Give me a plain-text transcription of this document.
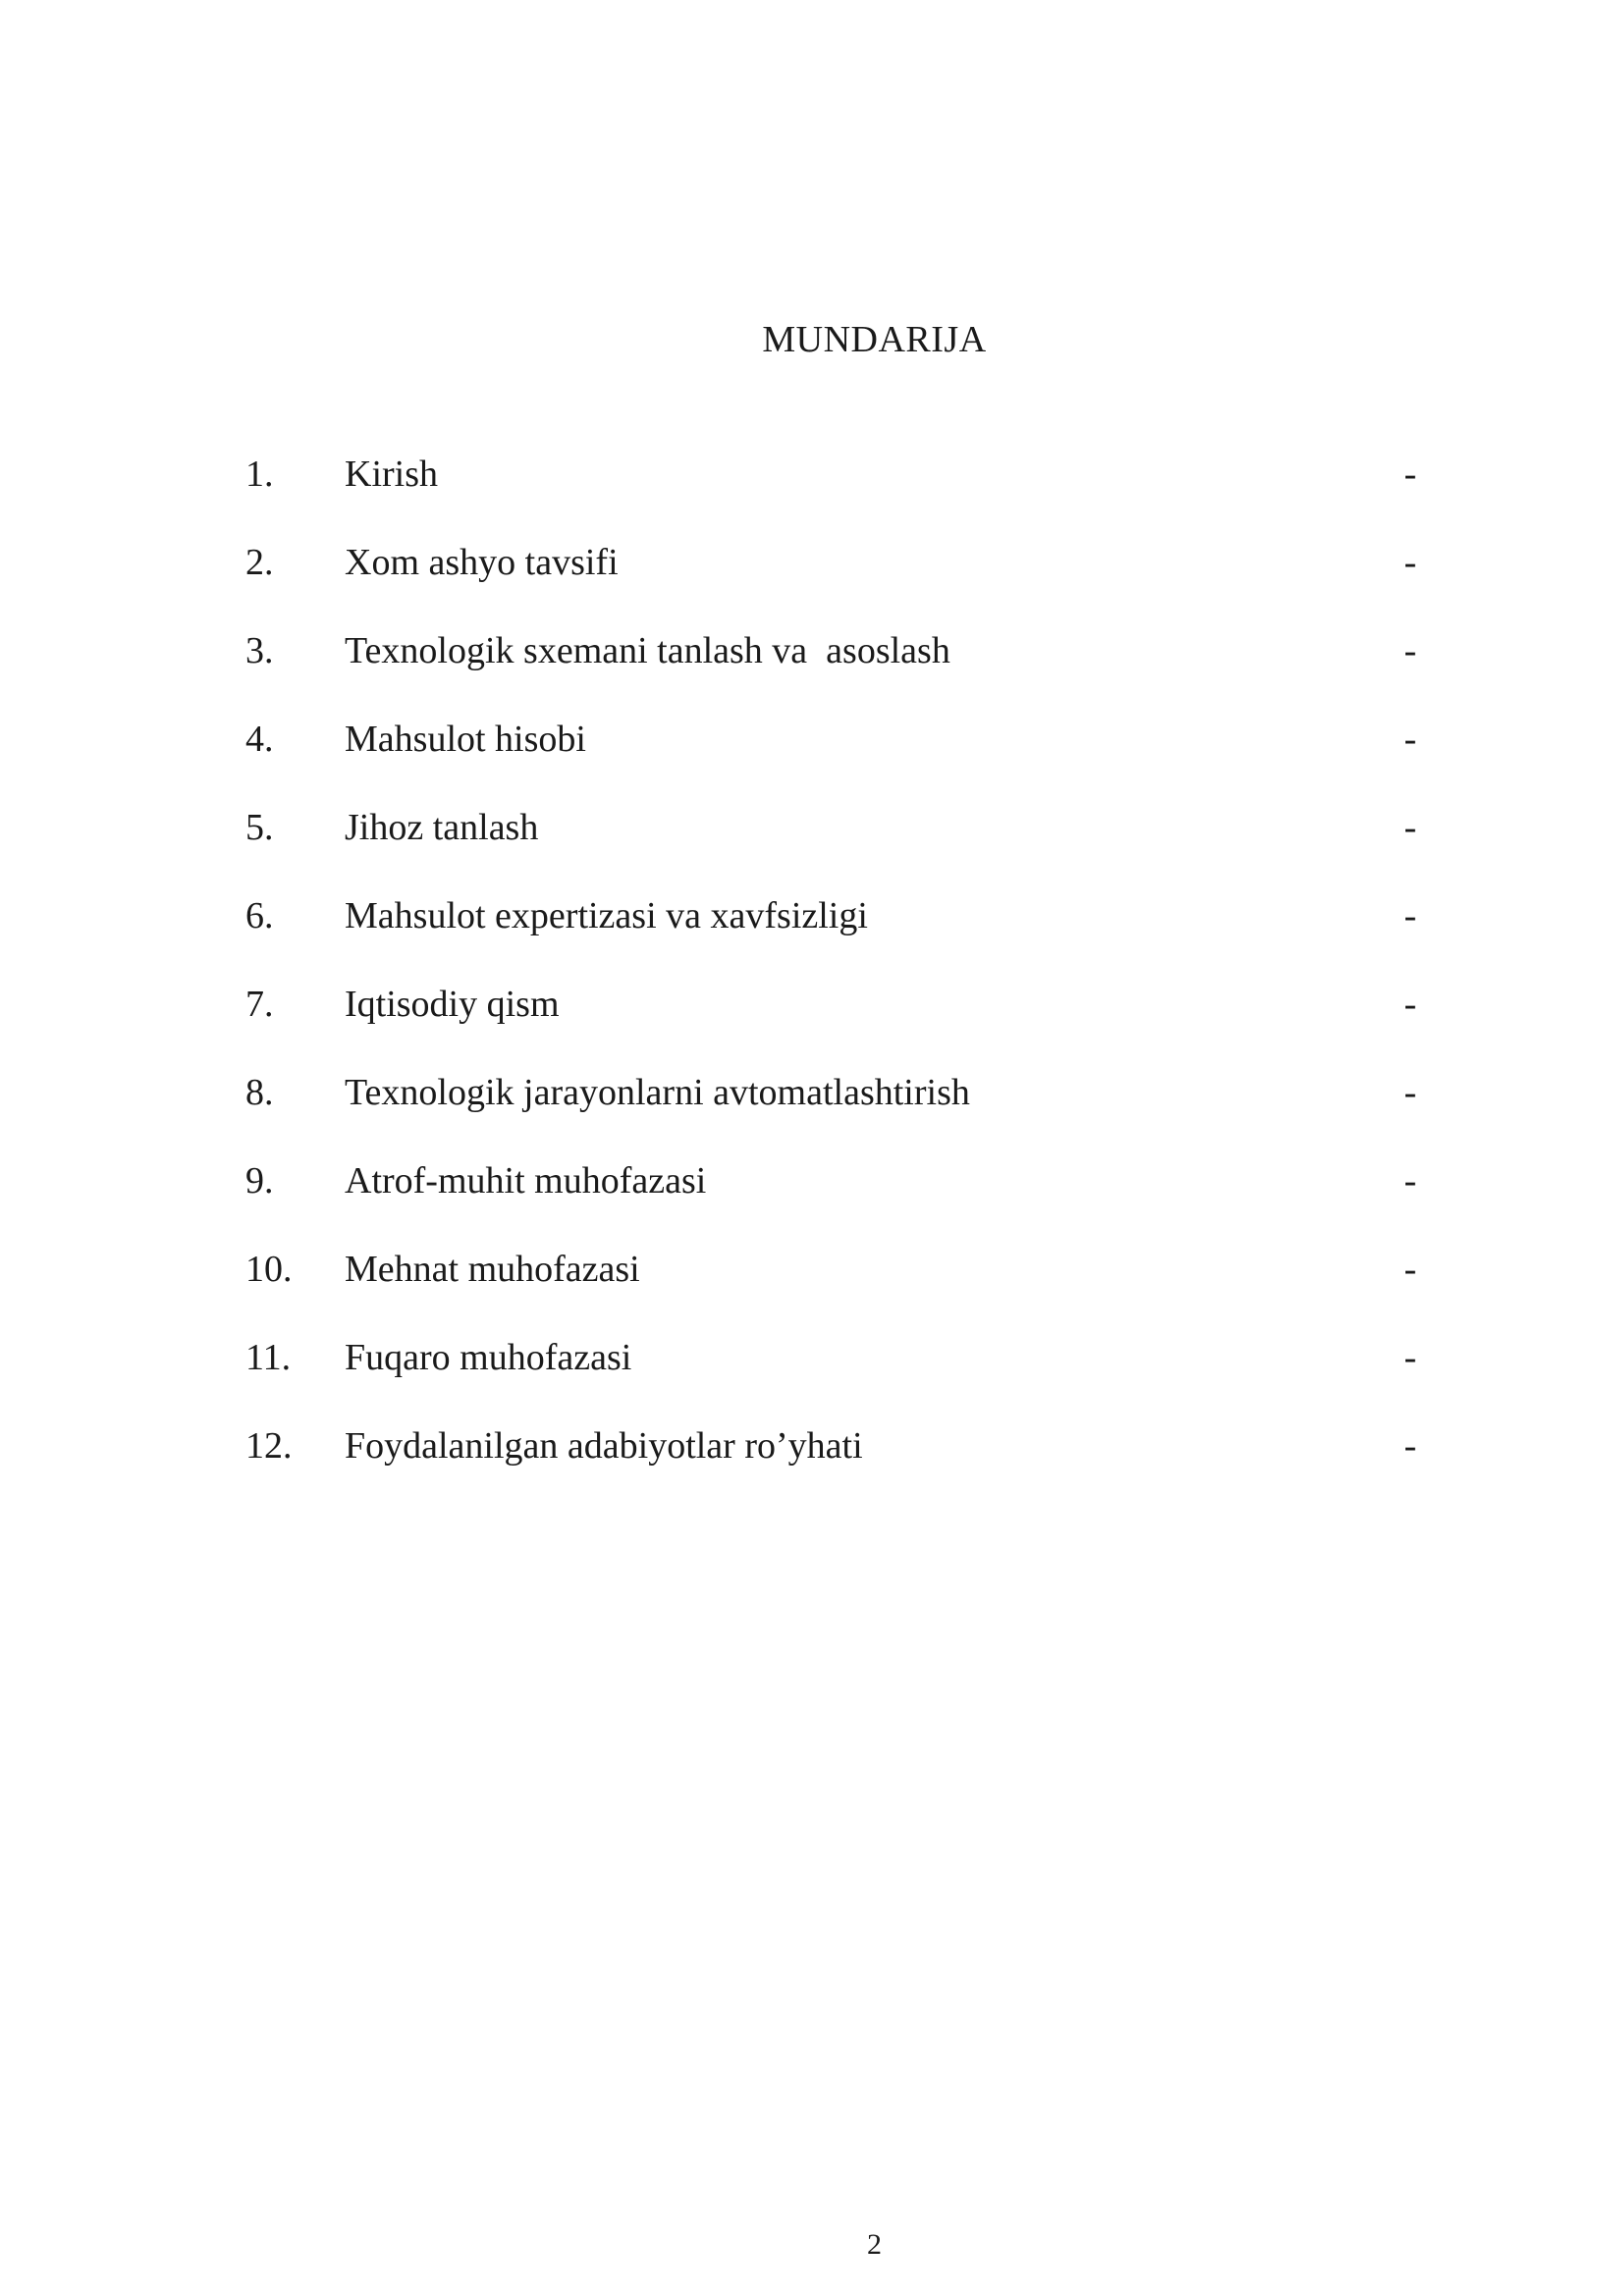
MUNDARIJA
1. Kirish	-
2. Xom ashyo tavsifi	-
3. Texnologik sxemani tanlash va  asoslash	-
4. Mahsulot hisobi	-
5. Jihoz tanlash	-
6. Mahsulot expertizasi va xavfsizligi	-
7. Iqtisodiy qism	-
8. Texnologik jarayonlarni avtomatlashtirish	-
9. Atrof-muhit muhofazasi	-
10. Mehnat muhofazasi	-
11. Fuqaro muhofazasi	-
12. Foydalanilgan adabiyotlar ro’yhati	-
2
